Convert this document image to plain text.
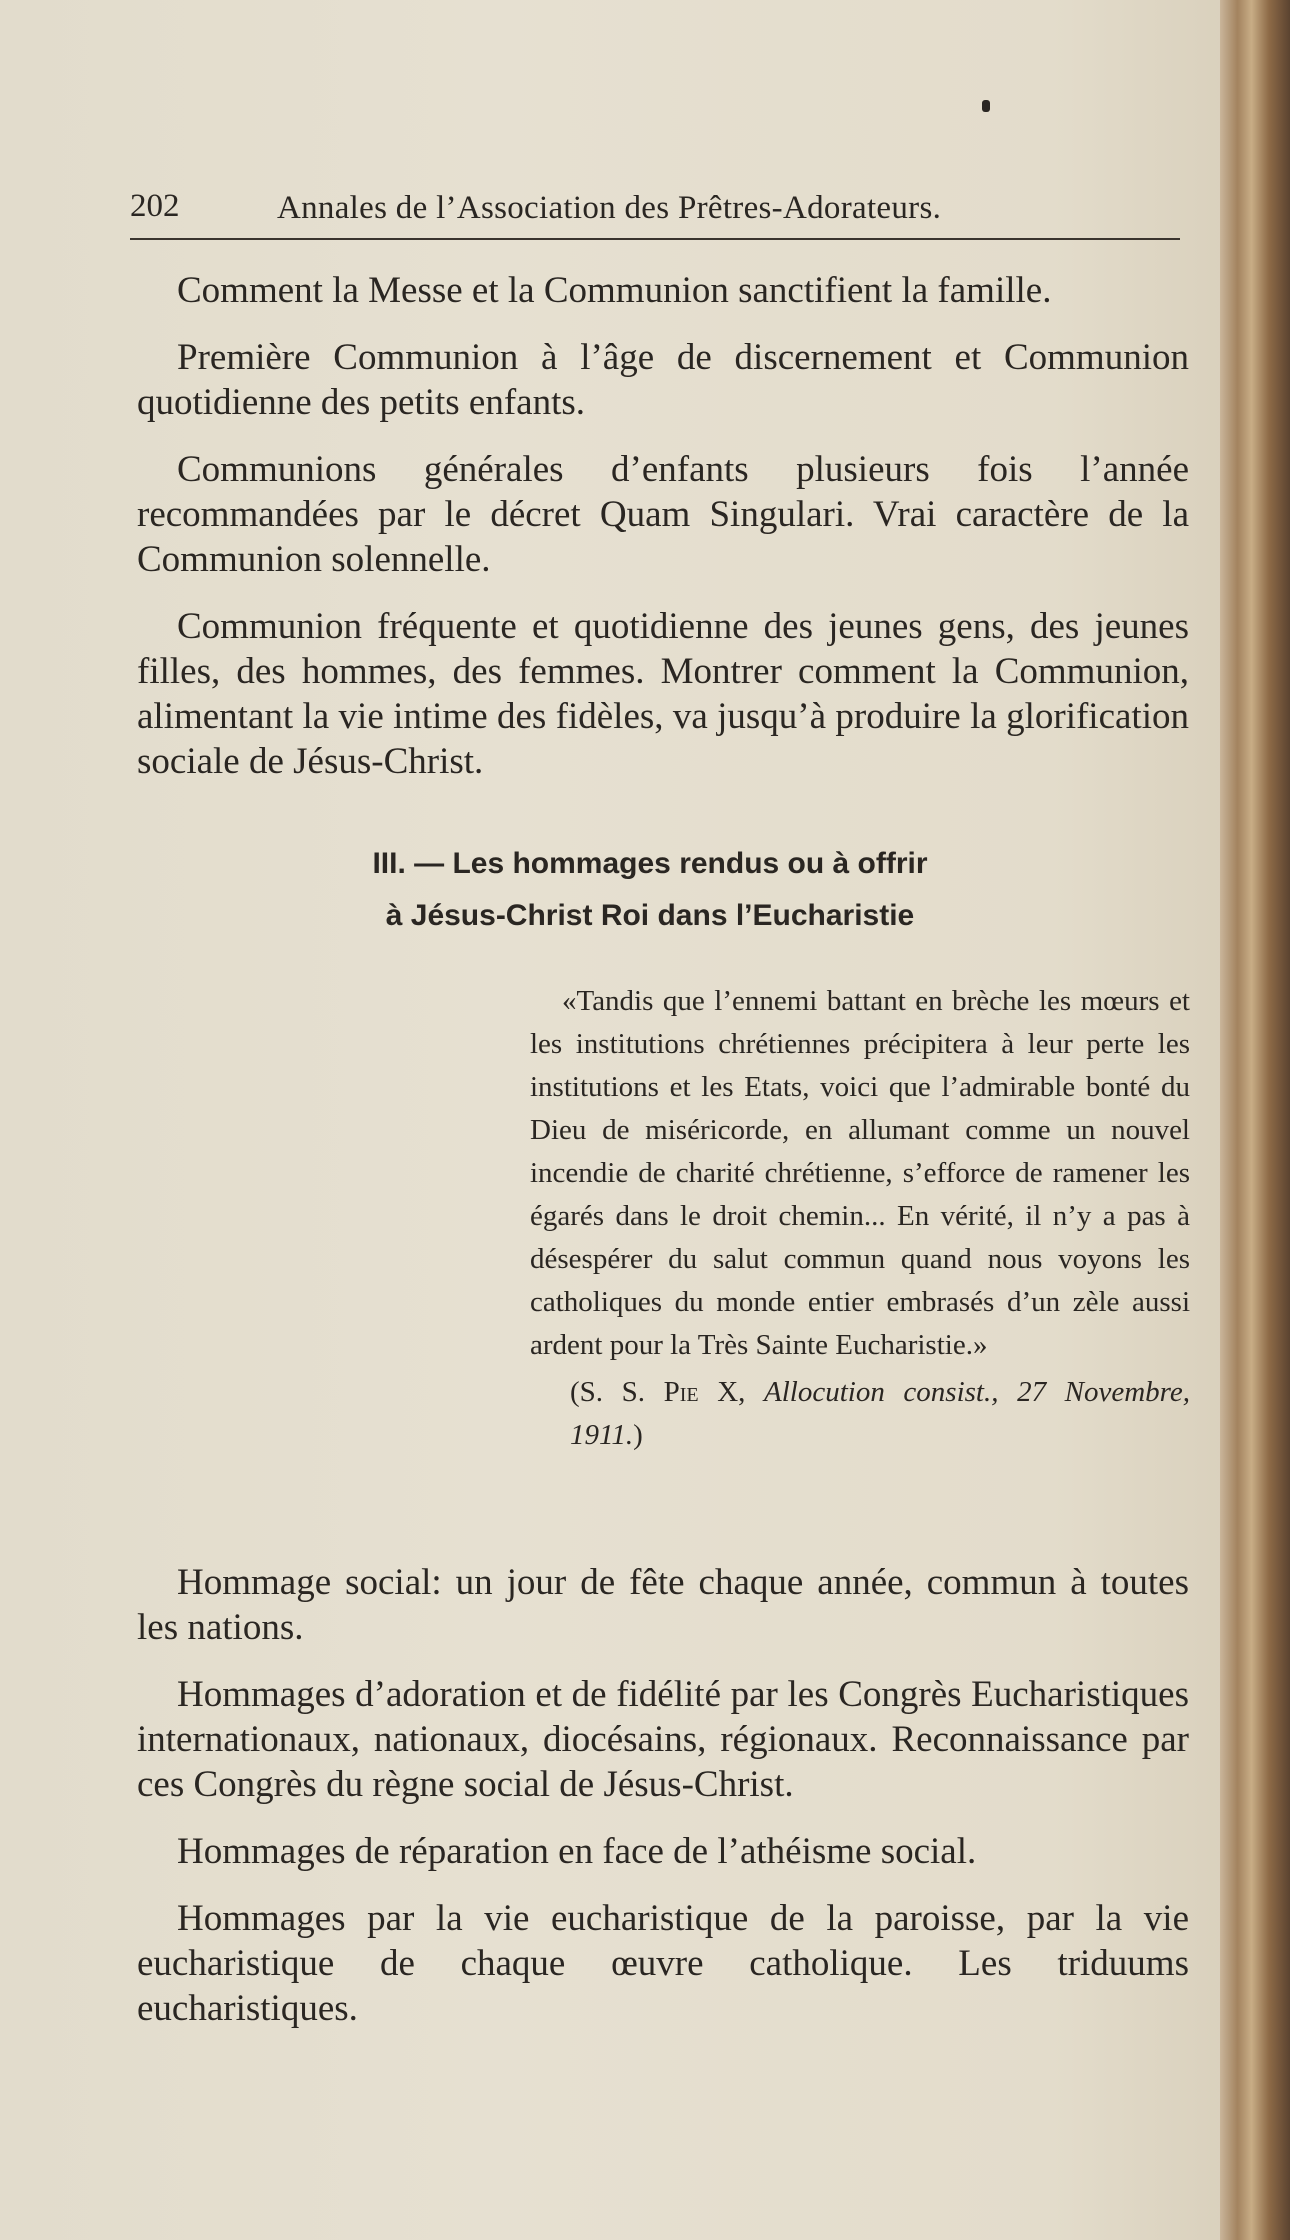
202	Annales de l’Association des Prêtres-Adorateurs.

Comment la Messe et la Communion sanctifient la famille.

Première Communion à l’âge de discernement et Communion quotidienne des petits enfants.

Communions générales d’enfants plusieurs fois l’année recommandées par le décret Quam Singulari. Vrai caractère de la Communion solennelle.

Communion fréquente et quotidienne des jeunes gens, des jeunes filles, des hommes, des femmes. Montrer comment la Communion, alimentant la vie intime des fidèles, va jusqu’à produire la glorification sociale de Jésus-Christ.

III. — Les hommages rendus ou à offrir
à Jésus-Christ Roi dans l’Eucharistie

«Tandis que l’ennemi battant en brèche les mœurs et les institutions chrétiennes précipitera à leur perte les institutions et les Etats, voici que l’admirable bonté du Dieu de miséricorde, en allumant comme un nouvel incendie de charité chrétienne, s’efforce de ramener les égarés dans le droit chemin... En vérité, il n’y a pas à désespérer du salut commun quand nous voyons les catholiques du monde entier embrasés d’un zèle aussi ardent pour la Très Sainte Eucharistie.»

(S. S. Pie X, Allocution consist., 27 Novembre, 1911.)

Hommage social: un jour de fête chaque année, commun à toutes les nations.

Hommages d’adoration et de fidélité par les Congrès Eucharistiques internationaux, nationaux, diocésains, régionaux. Reconnaissance par ces Congrès du règne social de Jésus-Christ.

Hommages de réparation en face de l’athéisme social.

Hommages par la vie eucharistique de la paroisse, par la vie eucharistique de chaque œuvre catholique. Les triduums eucharistiques.
